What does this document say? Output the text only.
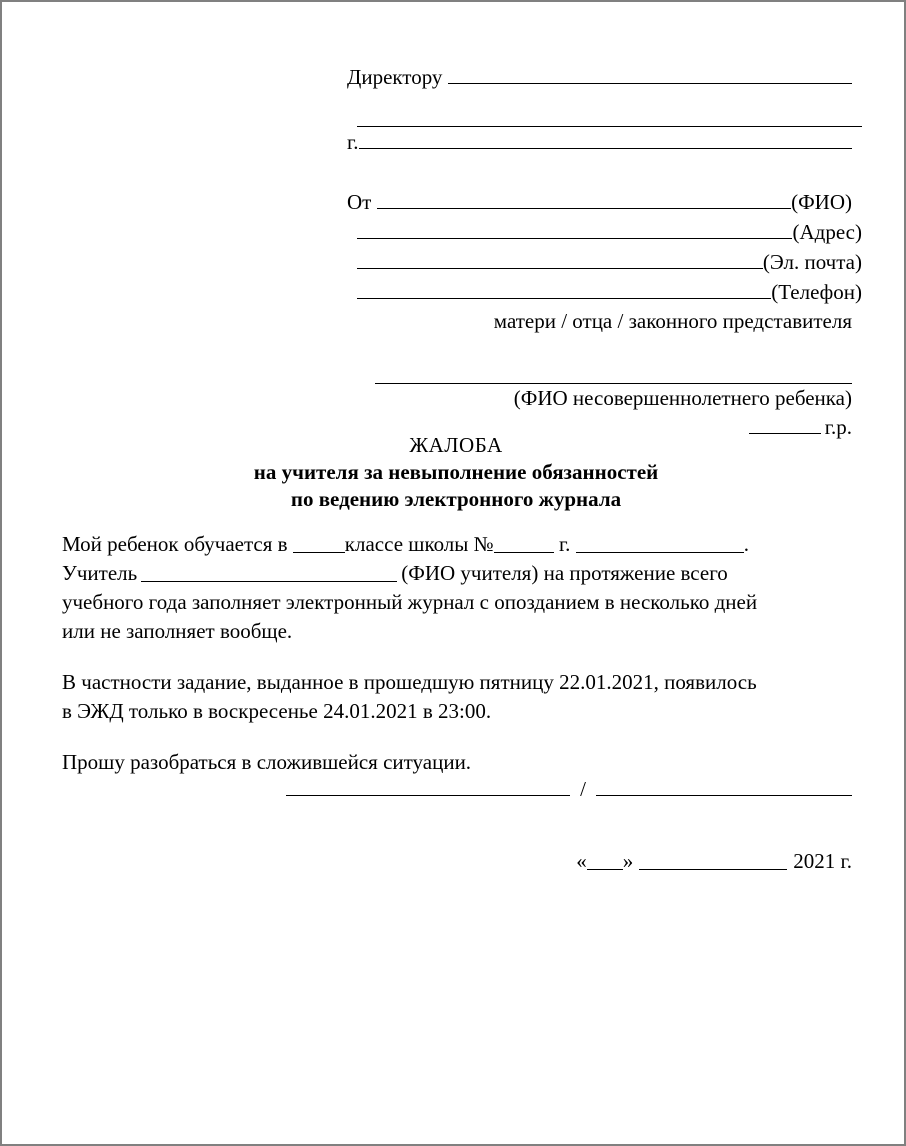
Директору
г.
От	(ФИО)
(Адрес)
(Эл. почта)
(Телефон)
матери / отца / законного представителя
(ФИО несовершеннолетнего ребенка)
г.р.
ЖАЛОБА
на учителя за невыполнение обязанностей
по ведению электронного журнала

Мой ребенок обучается в	классе школы №	г.	.
Учитель	(ФИО учителя) на протяжение всего
учебного года заполняет электронный журнал с опозданием в несколько дней
или не заполняет вообще.

В частности задание, выданное в прошедшую пятницу 22.01.2021, появилось
в ЭЖД только в воскресенье 24.01.2021 в 23:00.

Прошу разобраться в сложившейся ситуации.

/
« »	2021 г.
